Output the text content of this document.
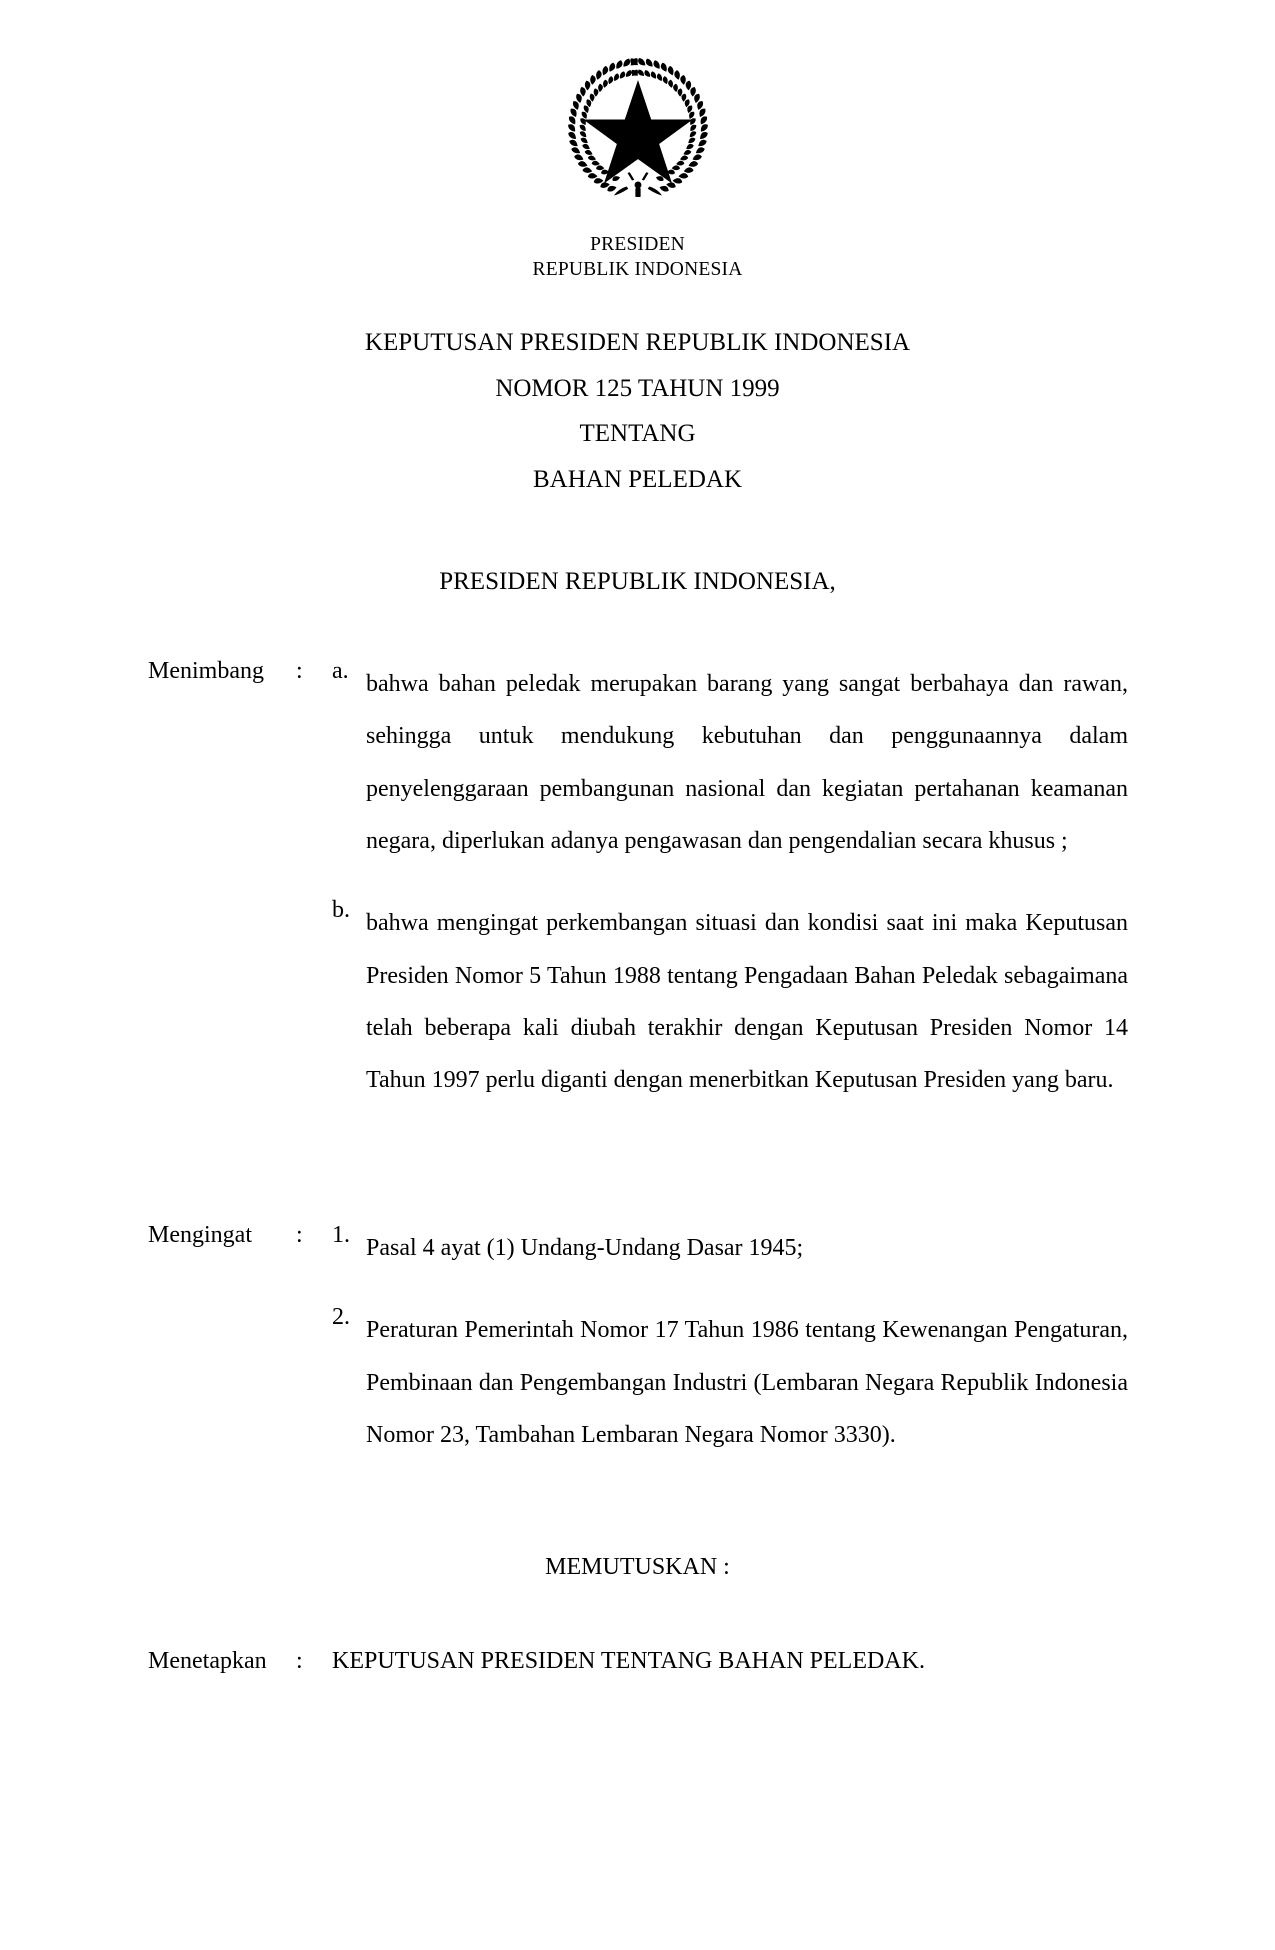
PRESIDEN
REPUBLIK INDONESIA
KEPUTUSAN PRESIDEN REPUBLIK INDONESIA
NOMOR 125 TAHUN 1999
TENTANG
BAHAN PELEDAK
PRESIDEN REPUBLIK INDONESIA,
Menimbang	:	a. bahwa bahan peledak merupakan barang yang sangat berbahaya dan rawan, sehingga untuk mendukung kebutuhan dan penggunaannya dalam penyelenggaraan pembangunan nasional dan kegiatan pertahanan keamanan negara, diperlukan adanya pengawasan dan pengendalian secara khusus ;
b. bahwa mengingat perkembangan situasi dan kondisi saat ini maka Keputusan Presiden Nomor 5 Tahun 1988 tentang Pengadaan Bahan Peledak sebagaimana telah beberapa kali diubah terakhir dengan Keputusan Presiden Nomor 14 Tahun 1997 perlu diganti dengan menerbitkan Keputusan Presiden yang baru.
Mengingat	:	1. Pasal 4 ayat (1) Undang-Undang Dasar 1945;
2. Peraturan Pemerintah Nomor 17 Tahun 1986 tentang Kewenangan Pengaturan, Pembinaan dan Pengembangan Industri (Lembaran Negara Republik Indonesia Nomor 23, Tambahan Lembaran Negara Nomor 3330).
MEMUTUSKAN :
Menetapkan	:	KEPUTUSAN PRESIDEN TENTANG BAHAN PELEDAK.
